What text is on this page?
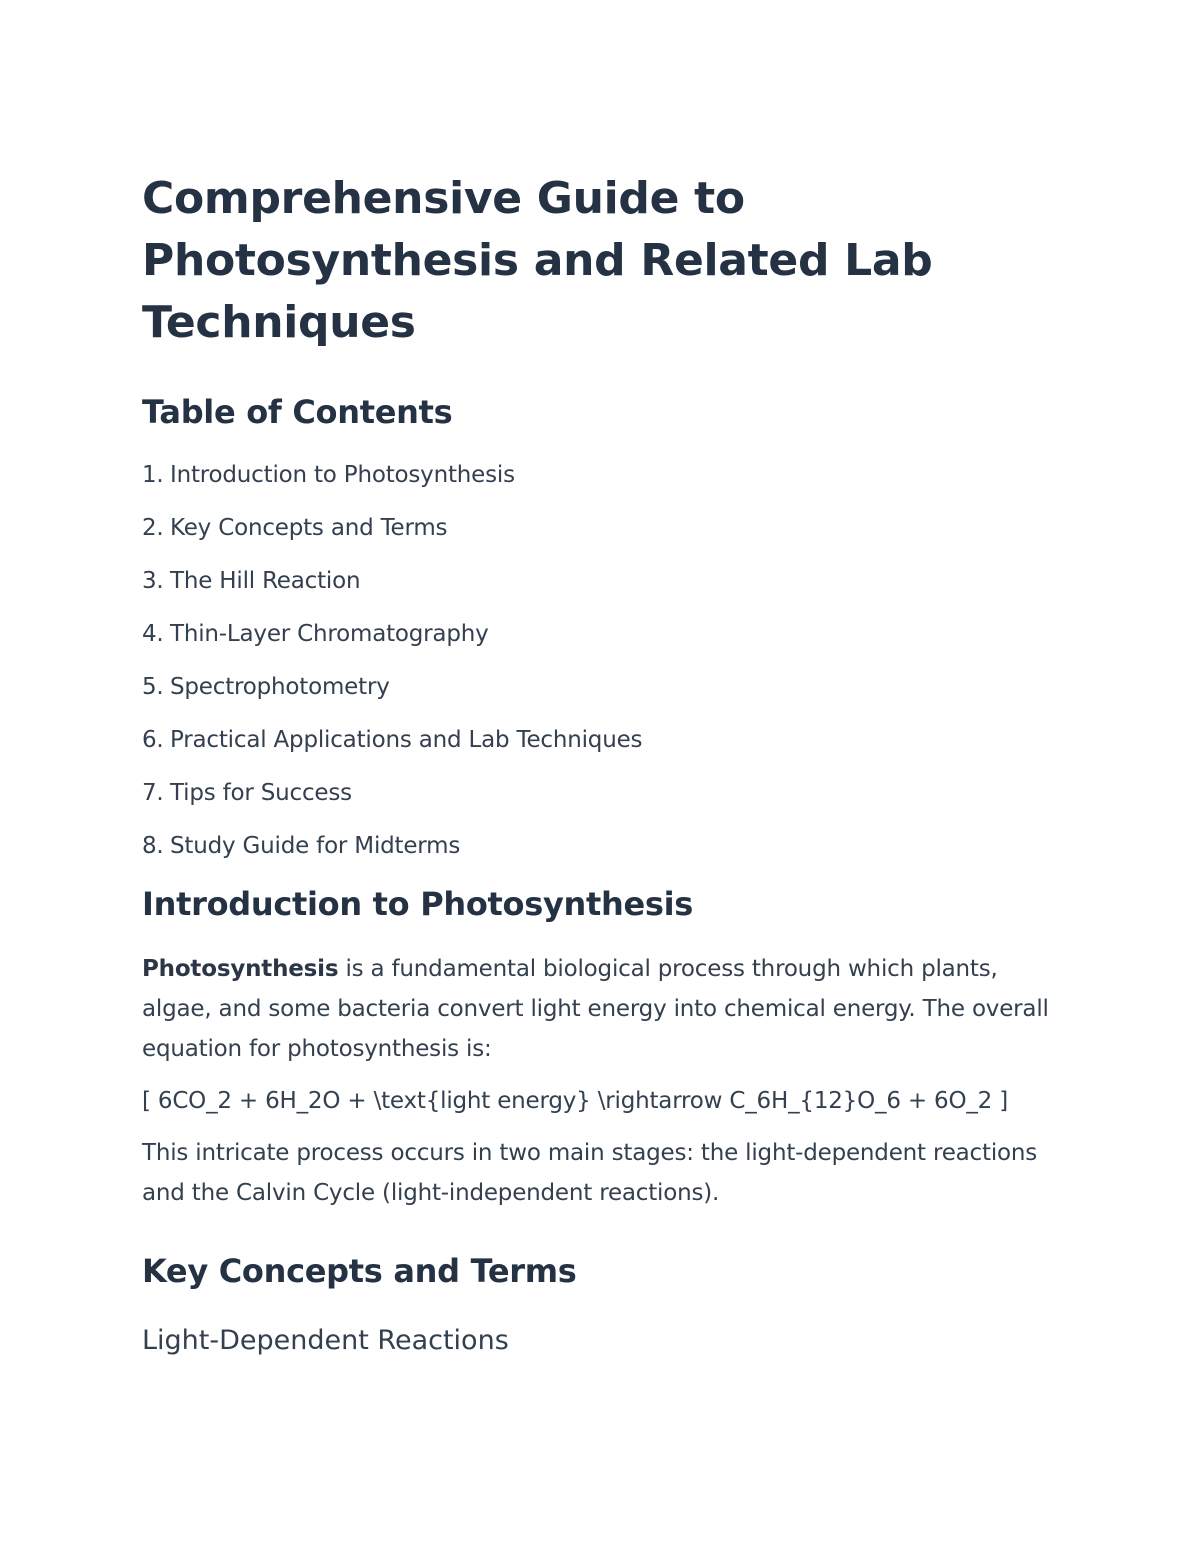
Comprehensive Guide to Photosynthesis and Related Lab Techniques
Table of Contents
1. Introduction to Photosynthesis
2. Key Concepts and Terms
3. The Hill Reaction
4. Thin-Layer Chromatography
5. Spectrophotometry
6. Practical Applications and Lab Techniques
7. Tips for Success
8. Study Guide for Midterms
Introduction to Photosynthesis

Photosynthesis is a fundamental biological process through which plants, algae, and some bacteria convert light energy into chemical energy. The overall equation for photosynthesis is:

[ 6CO_2 + 6H_2O + \text{light energy} \rightarrow C_6H_{12}O_6 + 6O_2 ]

This intricate process occurs in two main stages: the light-dependent reactions and the Calvin Cycle (light-independent reactions).

Key Concepts and Terms
Light-Dependent Reactions
